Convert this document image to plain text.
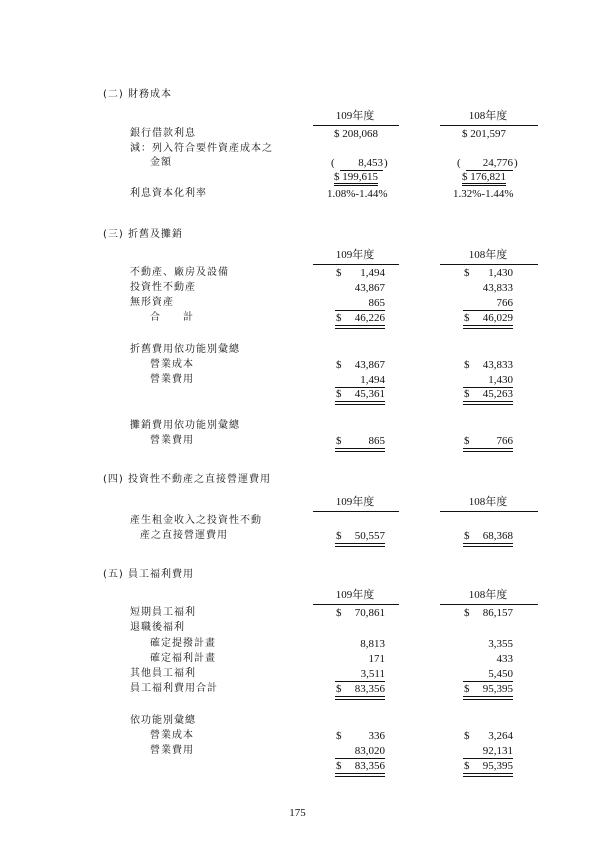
(二) 財務成本
109年度	108年度
銀行借款利息	$ 208,068	$ 201,597
減：列入符合要件資產成本之
金額	(	8,453 )	(	24,776 )
$ 199,615	$ 176,821
利息資本化利率	1.08%-1.44%	1.32%-1.44%
(三) 折舊及攤銷
109年度	108年度
不動產、廠房及設備	$	1,494	$	1,430
投資性不動產	43,867	43,833
無形資產	865	766
合　　計	$	46,226	$	46,029
折舊費用依功能別彙總
營業成本	$	43,867	$	43,833
營業費用	1,494	1,430
$	45,361	$	45,263
攤銷費用依功能別彙總
營業費用	$	865	$	766
(四) 投資性不動產之直接營運費用
109年度	108年度
產生租金收入之投資性不動
產之直接營運費用	$	50,557	$	68,368
(五) 員工福利費用
109年度	108年度
短期員工福利	$	70,861	$	86,157
退職後福利
確定提撥計畫	8,813	3,355
確定福利計畫	171	433
其他員工福利	3,511	5,450
員工福利費用合計	$	83,356	$	95,395
依功能別彙總
營業成本	$	336	$	3,264
營業費用	83,020	92,131
$	83,356	$	95,395
175
